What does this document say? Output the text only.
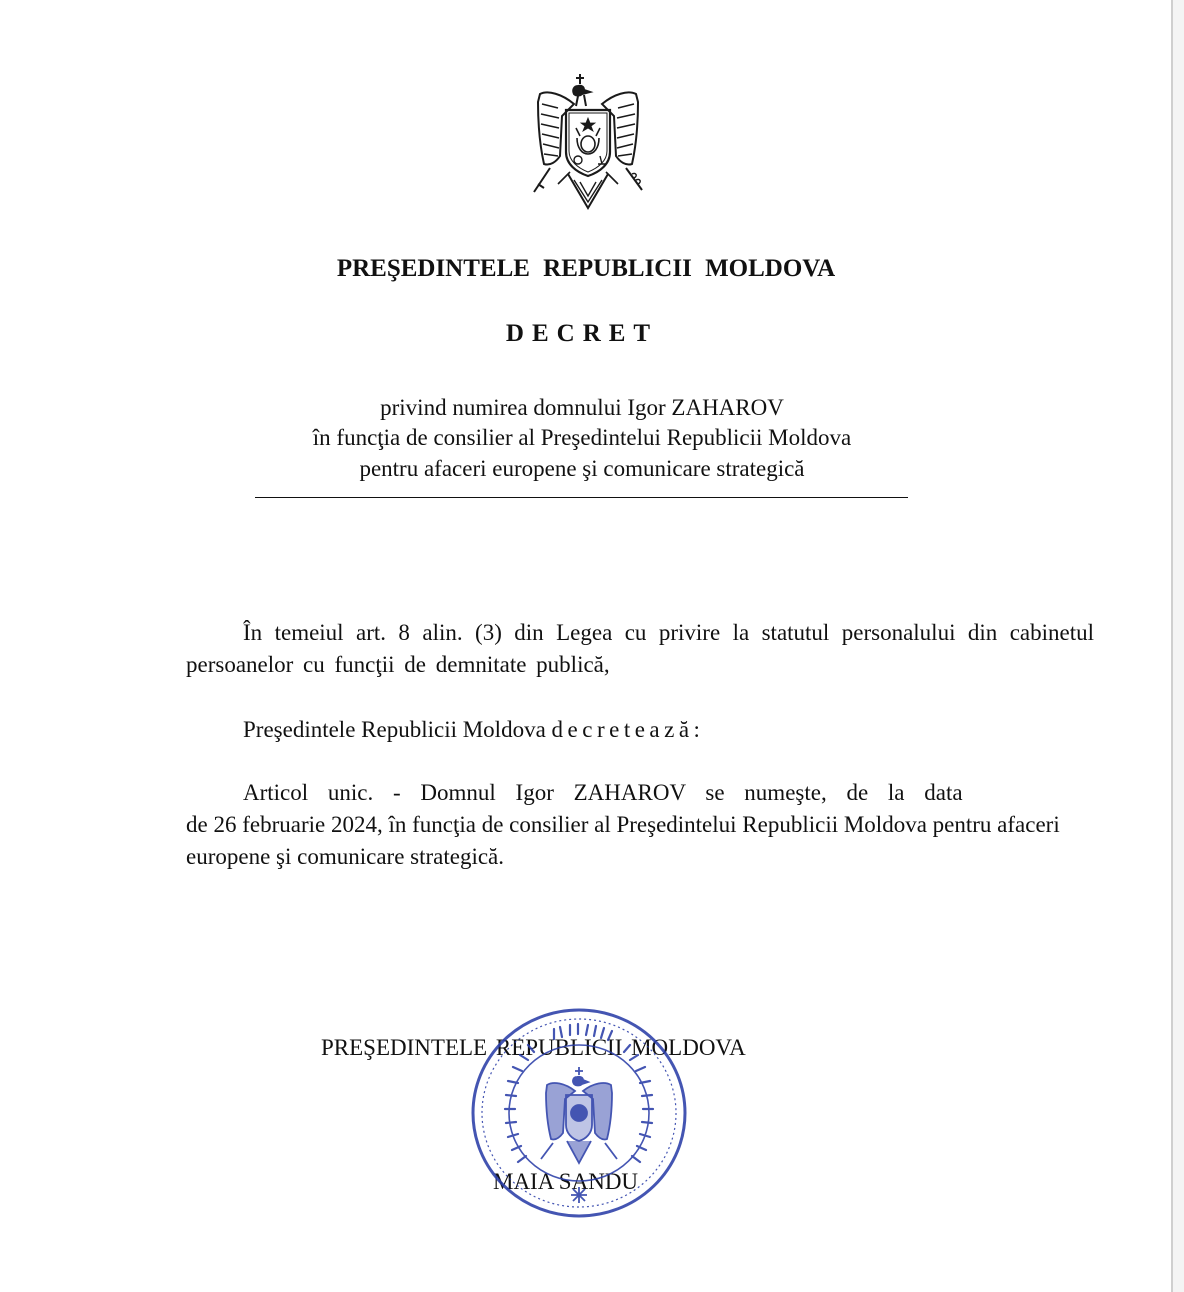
PREŞEDINTELE REPUBLICII MOLDOVA
DECRET
privind numirea domnului Igor ZAHAROV
în funcţia de consilier al Preşedintelui Republicii Moldova
pentru afaceri europene şi comunicare strategică
În temeiul art. 8 alin. (3) din Legea cu privire la statutul personalului din cabinetul persoanelor cu funcţii de demnitate publică,
Preşedintele Republicii Moldova decretează:

Articol unic. - Domnul Igor ZAHAROV se numeşte, de la data

de 26 februarie 2024, în funcţia de consilier al Preşedintelui Republicii Moldova pentru afaceri europene şi comunicare strategică.

PREŞEDINTELE REPUBLICII MOLDOVA
MAIA SANDU
